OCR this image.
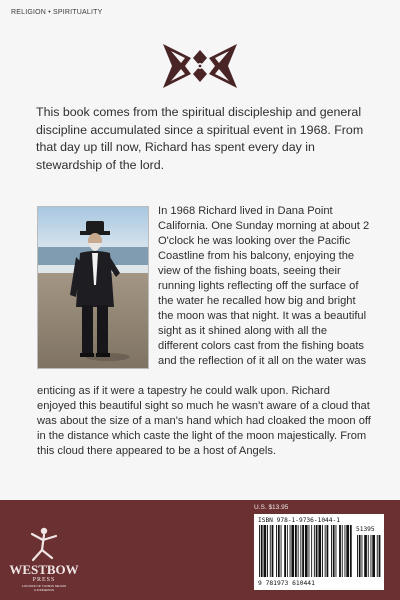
RELIGION • SPIRITUALITY

This book comes from the spiritual discipleship and general discipline accumulated since a spiritual event in 1968. From that day up till now, Richard has spent every day in stewardship of the lord.

In 1968 Richard lived in Dana Point California. One Sunday morning at about 2 O'clock he was looking over the Pacific Coastline from his balcony, enjoying the view of the fishing boats, seeing their running lights reflecting off the surface of the water he recalled how big and bright the moon was that night. It was a beautiful sight as it shined along with all the different colors cast from the fishing boats and the reflection of it all on the water was

enticing as if it were a tapestry he could walk upon. Richard enjoyed this beautiful sight so much he wasn't aware of a cloud that was about the size of a man's hand which had cloaked the moon off in the distance which caste the light of the moon majestically. From this cloud there appeared to be a host of Angels.

WESTBOW
PRESS
A DIVISION OF THOMAS NELSON
& ZONDERVAN
U.S. $13.95
ISBN 978-1-9736-1044-1
51395
9 781973 610441
